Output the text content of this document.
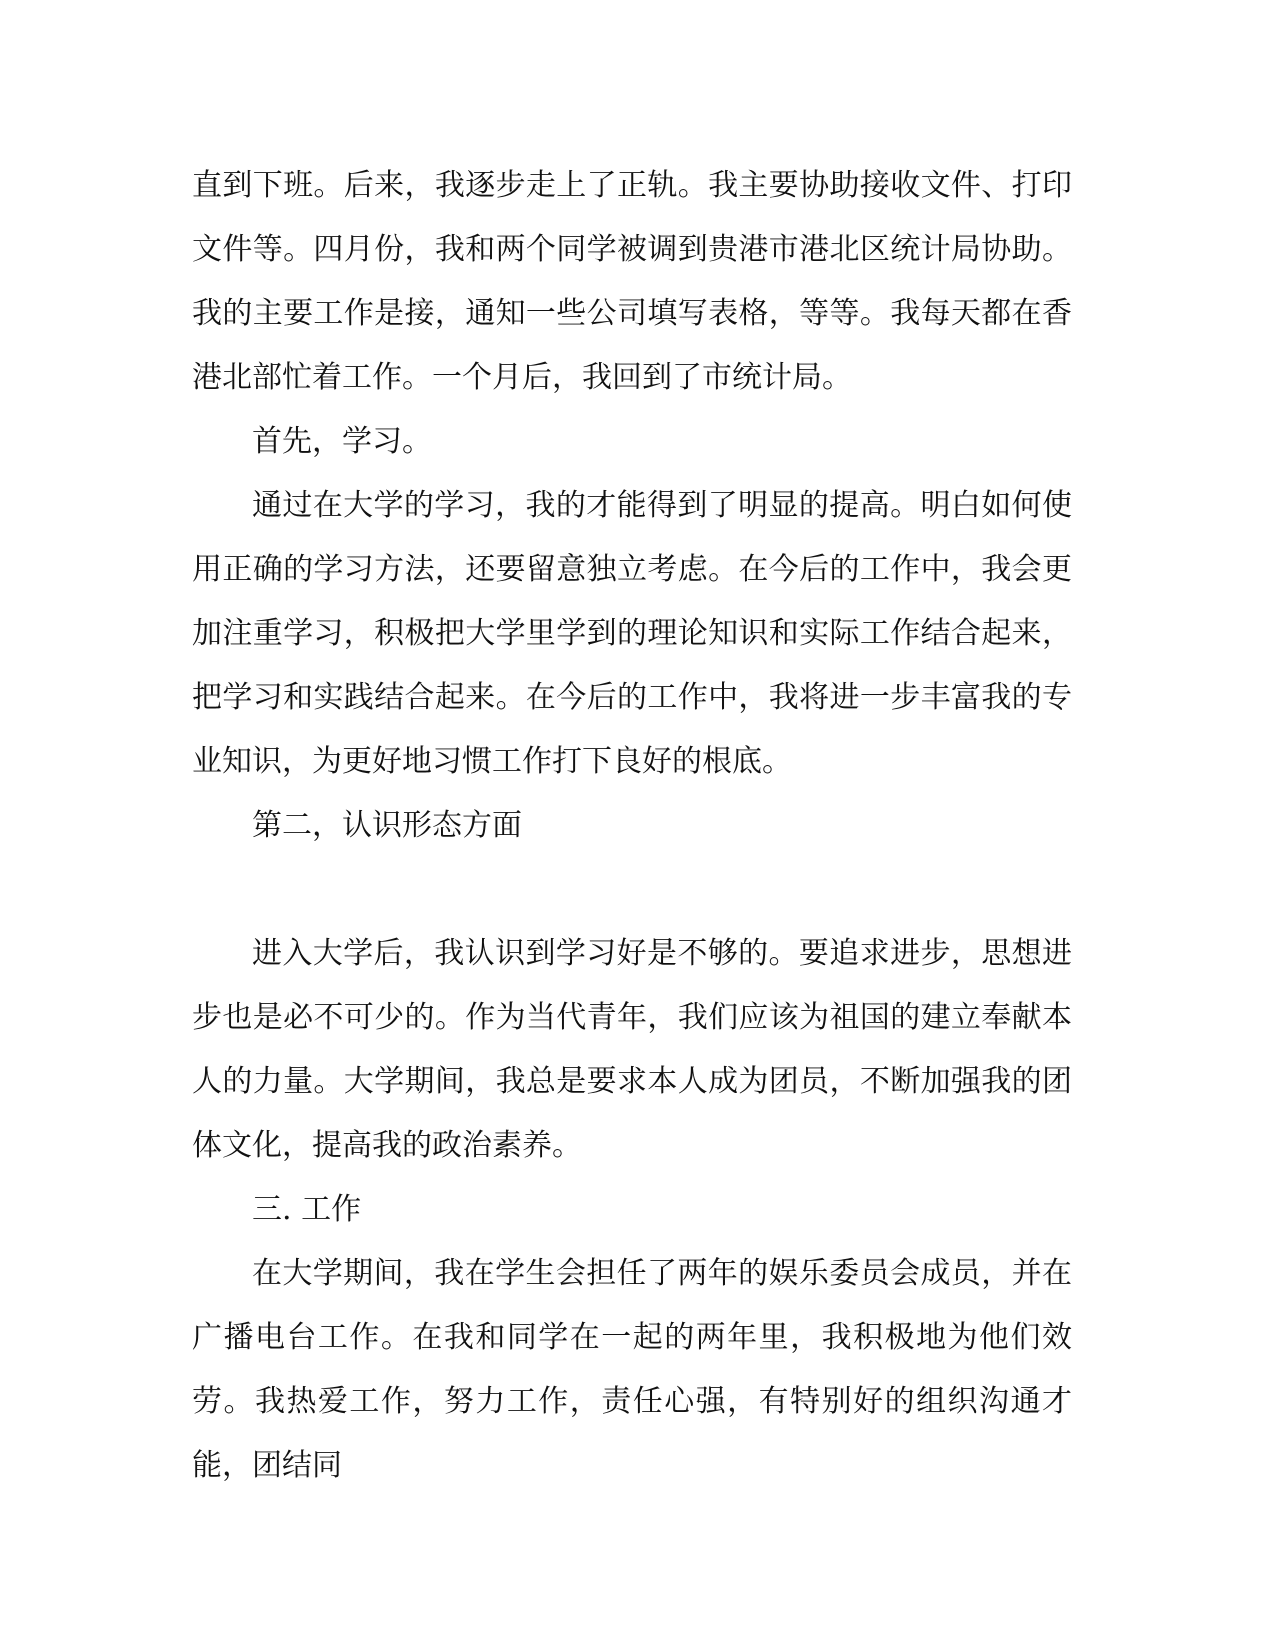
直到下班。后来，我逐步走上了正轨。我主要协助接收文件、打印文件等。四月份，我和两个同学被调到贵港市港北区统计局协助。我的主要工作是接，通知一些公司填写表格，等等。我每天都在香港北部忙着工作。一个月后，我回到了市统计局。

首先，学习。

通过在大学的学习，我的才能得到了明显的提高。明白如何使用正确的学习方法，还要留意独立考虑。在今后的工作中，我会更加注重学习，积极把大学里学到的理论知识和实际工作结合起来，把学习和实践结合起来。在今后的工作中，我将进一步丰富我的专业知识，为更好地习惯工作打下良好的根底。

第二，认识形态方面

进入大学后，我认识到学习好是不够的。要追求进步，思想进步也是必不可少的。作为当代青年，我们应该为祖国的建立奉献本人的力量。大学期间，我总是要求本人成为团员，不断加强我的团体文化，提高我的政治素养。

三. 工作

在大学期间，我在学生会担任了两年的娱乐委员会成员，并在广播电台工作。在我和同学在一起的两年里，我积极地为他们效劳。我热爱工作，努力工作，责任心强，有特别好的组织沟通才能，团结同
